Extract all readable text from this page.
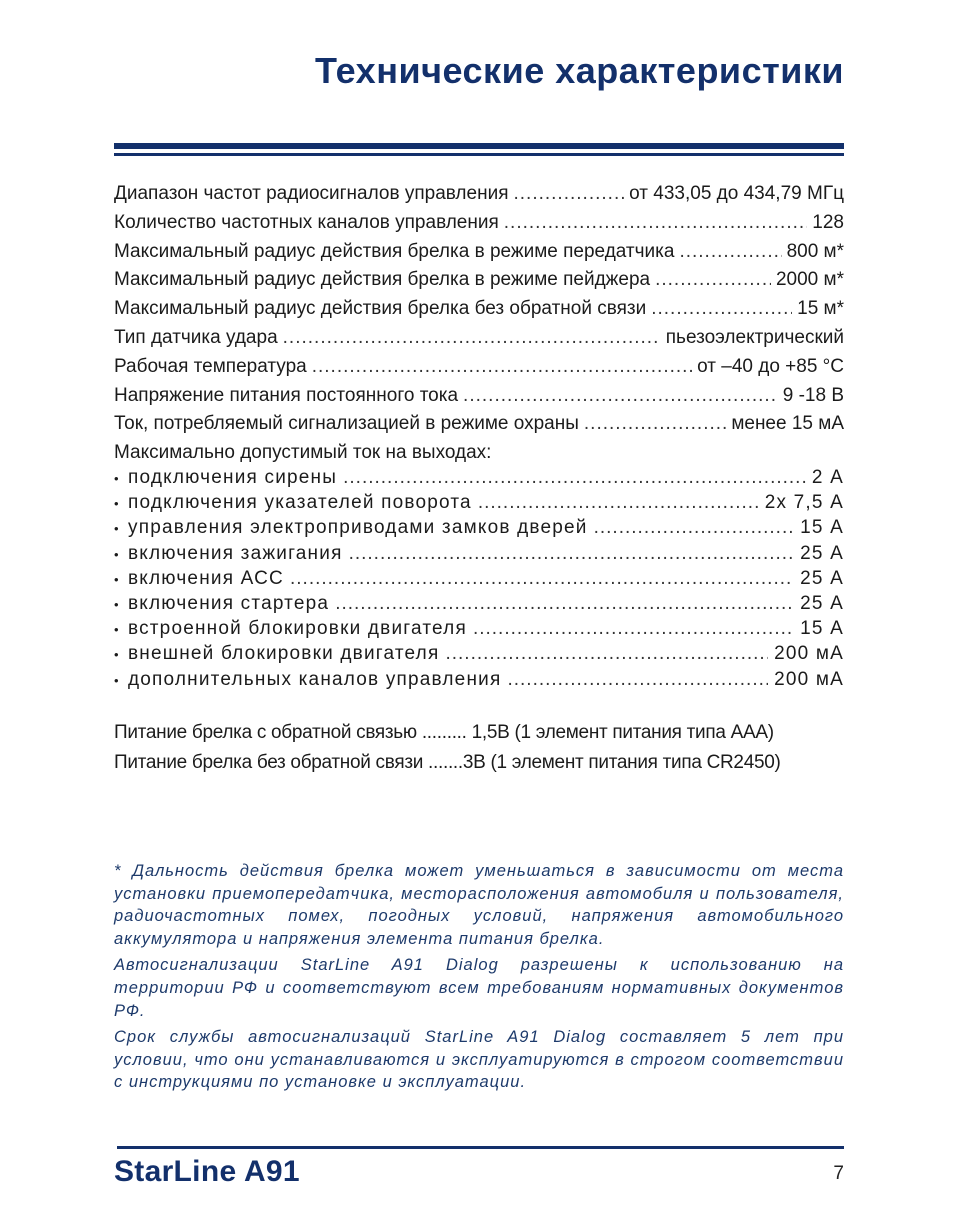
Технические характеристики
Диапазон частот радиосигналов управления .....	от 433,05 до 434,79 МГц
Количество частотных каналов управления .....	128
Максимальный радиус действия брелка в режиме передатчика .....	800 м*
Максимальный радиус действия брелка в режиме пейджера .....	2000 м*
Максимальный радиус действия брелка без обратной связи .....	15 м*
Тип датчика удара .....	пьезоэлектрический
Рабочая температура .....	от –40 до +85 °С
Напряжение питания постоянного тока .....	9 -18 В
Ток, потребляемый сигнализацией в режиме охраны .....	менее 15 мА
Максимально допустимый ток на выходах:
• подключения сирены .....	2 А
• подключения указателей поворота .....	2х 7,5 А
• управления электроприводами замков дверей .....	15 А
• включения зажигания .....	25 А
• включения АСС .....	25 А
• включения стартера .....	25 А
• встроенной блокировки двигателя .....	15 А
• внешней блокировки двигателя .....	200 мА
• дополнительных каналов управления .....	200 мА
Питание брелка с обратной связью ......... 1,5В (1 элемент питания типа ААА)
Питание брелка без обратной связи .......3В (1 элемент питания типа CR2450)

* Дальность действия брелка может уменьшаться в зависимости от места установки приемопередатчика, месторасположения автомобиля и пользователя, радиочастотных помех, погодных условий, напряжения автомобильного аккумулятора и напряжения элемента питания брелка.

Автосигнализации StarLine A91 Dialog разрешены к использованию на территории РФ и соответствуют всем требованиям нормативных документов РФ.

Срок службы автосигнализаций StarLine A91 Dialog составляет 5 лет при условии, что они устанавливаются и эксплуатируются в строгом соответствии с инструкциями по установке и эксплуатации.

StarLine A91	7
